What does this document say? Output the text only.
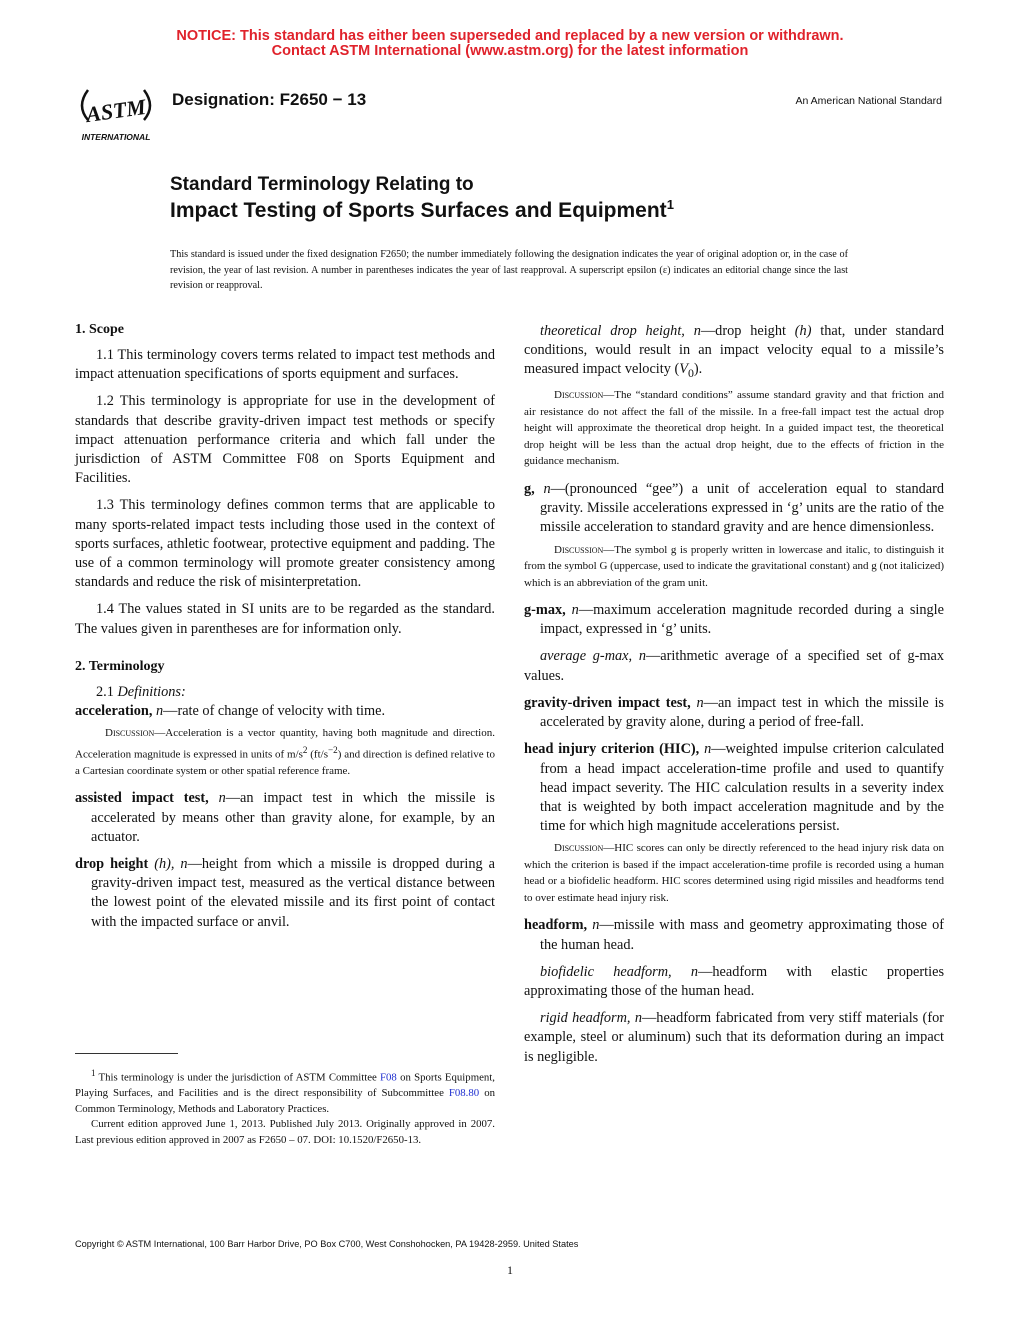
NOTICE: This standard has either been superseded and replaced by a new version or withdrawn.
Contact ASTM International (www.astm.org) for the latest information
ASTM
INTERNATIONAL
Designation: F2650 − 13	An American National Standard
Standard Terminology Relating to
Impact Testing of Sports Surfaces and Equipment$^1$
This standard is issued under the fixed designation F2650; the number immediately following the designation indicates the year of original adoption or, in the case of revision, the year of last revision. A number in parentheses indicates the year of last reapproval. A superscript epsilon (ε) indicates an editorial change since the last revision or reapproval.
1. Scope
1.1 This terminology covers terms related to impact test methods and impact attenuation specifications of sports equipment and surfaces.
1.2 This terminology is appropriate for use in the development of standards that describe gravity-driven impact test methods or specify impact attenuation performance criteria and which fall under the jurisdiction of ASTM Committee F08 on Sports Equipment and Facilities.
1.3 This terminology defines common terms that are applicable to many sports-related impact tests including those used in the context of sports surfaces, athletic footwear, protective equipment and padding. The use of a common terminology will promote greater consistency among standards and reduce the risk of misinterpretation.
1.4 The values stated in SI units are to be regarded as the standard. The values given in parentheses are for information only.
2. Terminology
2.1 Definitions:
acceleration, n—rate of change of velocity with time.
Discussion—Acceleration is a vector quantity, having both magnitude and direction. Acceleration magnitude is expressed in units of $m/s^2$ $(ft/s^{-2})$ and direction is defined relative to a Cartesian coordinate system or other spatial reference frame.
assisted impact test, n—an impact test in which the missile is accelerated by means other than gravity alone, for example, by an actuator.
drop height (h), n—height from which a missile is dropped during a gravity-driven impact test, measured as the vertical distance between the lowest point of the elevated missile and its first point of contact with the impacted surface or anvil.

$^1$ This terminology is under the jurisdiction of ASTM Committee F08 on Sports Equipment, Playing Surfaces, and Facilities and is the direct responsibility of Subcommittee F08.80 on Common Terminology, Methods and Laboratory Practices.

Current edition approved June 1, 2013. Published July 2013. Originally approved in 2007. Last previous edition approved in 2007 as F2650 – 07. DOI: 10.1520/F2650-13.

theoretical drop height, n—drop height (h) that, under standard conditions, would result in an impact velocity equal to a missile’s measured impact velocity $(V_0)$.
Discussion—The “standard conditions” assume standard gravity and that friction and air resistance do not affect the fall of the missile. In a free-fall impact test the actual drop height will approximate the theoretical drop height. In a guided impact test, the theoretical drop height will be less than the actual drop height, due to the effects of friction in the guidance mechanism.
g, n—(pronounced “gee”) a unit of acceleration equal to standard gravity. Missile accelerations expressed in ‘g’ units are the ratio of the missile acceleration to standard gravity and are hence dimensionless.
Discussion—The symbol g is properly written in lowercase and italic, to distinguish it from the symbol G (uppercase, used to indicate the gravitational constant) and g (not italicized) which is an abbreviation of the gram unit.
g-max, n—maximum acceleration magnitude recorded during a single impact, expressed in ‘g’ units.
average g-max, n—arithmetic average of a specified set of g-max values.
gravity-driven impact test, n—an impact test in which the missile is accelerated by gravity alone, during a period of free-fall.
head injury criterion (HIC), n—weighted impulse criterion calculated from a head impact acceleration-time profile and used to quantify head impact severity. The HIC calculation results in a severity index that is weighted by both impact acceleration magnitude and by the time for which high magnitude accelerations persist.
Discussion—HIC scores can only be directly referenced to the head injury risk data on which the criterion is based if the impact acceleration-time profile is recorded using a human head or a biofidelic headform. HIC scores determined using rigid missiles and headforms tend to over estimate head injury risk.
headform, n—missile with mass and geometry approximating those of the human head.
biofidelic headform, n—headform with elastic properties approximating those of the human head.
rigid headform, n—headform fabricated from very stiff materials (for example, steel or aluminum) such that its deformation during an impact is negligible.
Copyright © ASTM International, 100 Barr Harbor Drive, PO Box C700, West Conshohocken, PA 19428-2959. United States
1
